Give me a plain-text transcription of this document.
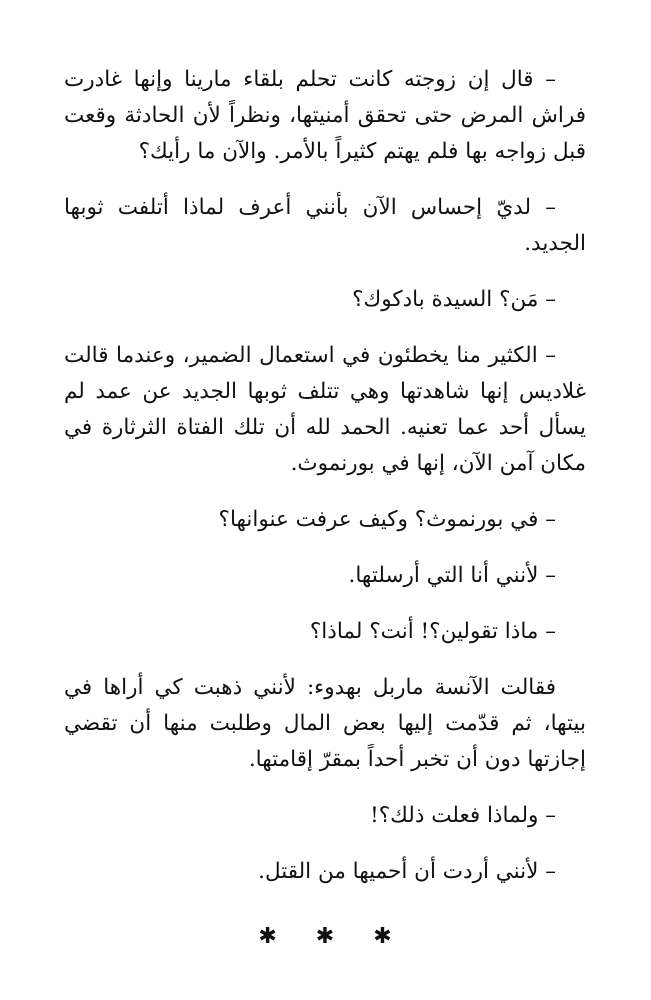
– قال إن زوجته كانت تحلم بلقاء مارينا وإنها غادرت فراش المرض حتى تحقق أمنيتها، ونظراً لأن الحادثة وقعت قبل زواجه بها فلم يهتم كثيراً بالأمر. والآن ما رأيك؟

– لديّ إحساس الآن بأنني أعرف لماذا أتلفت ثوبها الجديد.

– مَن؟ السيدة بادكوك؟

– الكثير منا يخطئون في استعمال الضمير، وعندما قالت غلاديس إنها شاهدتها وهي تتلف ثوبها الجديد عن عمد لم يسأل أحد عما تعنيه. الحمد لله أن تلك الفتاة الثرثارة في مكان آمن الآن، إنها في بورنموث.

– في بورنموث؟ وكيف عرفت عنوانها؟

– لأنني أنا التي أرسلتها.

– ماذا تقولين؟! أنت؟ لماذا؟

فقالت الآنسة ماربل بهدوء: لأنني ذهبت كي أراها في بيتها، ثم قدّمت إليها بعض المال وطلبت منها أن تقضي إجازتها دون أن تخبر أحداً بمقرّ إقامتها.

– ولماذا فعلت ذلك؟!

– لأنني أردت أن أحميها من القتل.

✱ ✱ ✱
